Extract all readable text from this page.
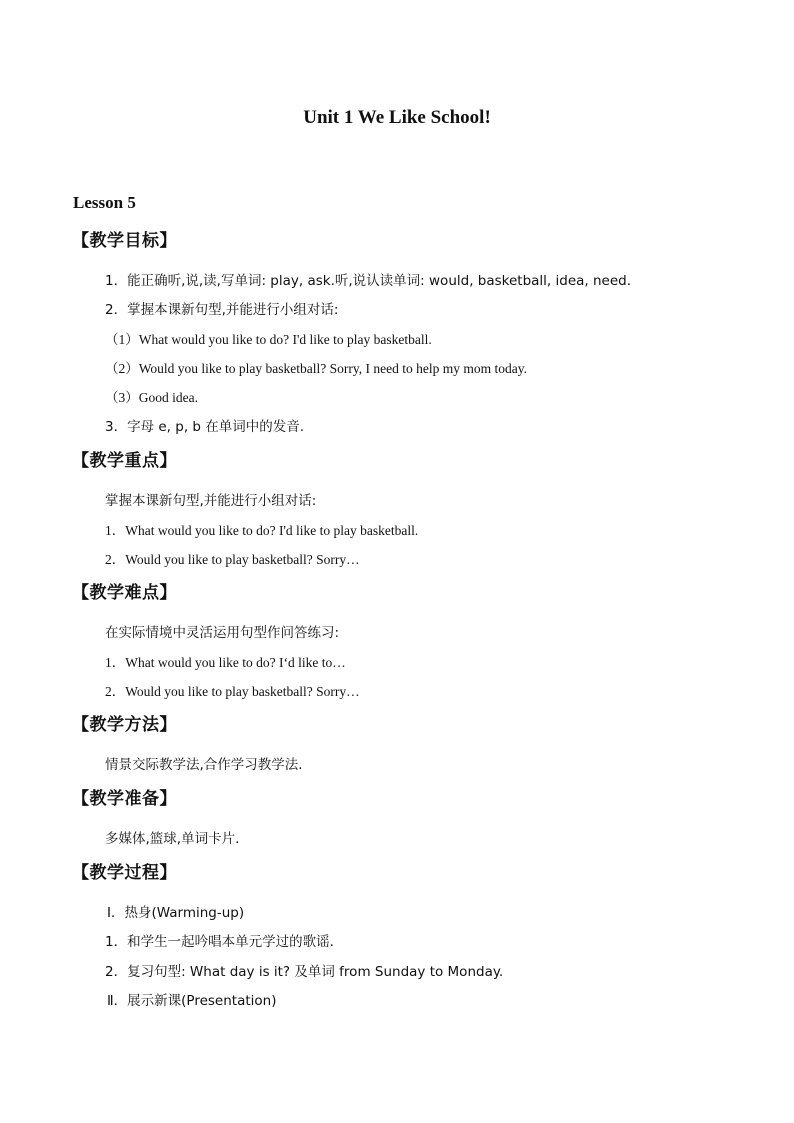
Unit 1 We Like School!
Lesson 5
【教学目标】
1．能正确听,说,读,写单词: play, ask.听,说认读单词: would, basketball, idea, need.
2．掌握本课新句型,并能进行小组对话:
（1）What would you like to do? I'd like to play basketball.
（2）Would you like to play basketball? Sorry, I need to help my mom today.
（3）Good idea.
3．字母 e, p, b 在单词中的发音.
【教学重点】
掌握本课新句型,并能进行小组对话:
1．What would you like to do? I'd like to play basketball.
2．Would you like to play basketball? Sorry…
【教学难点】
在实际情境中灵活运用句型作问答练习:
1．What would you like to do? I‘d like to…
2．Would you like to play basketball? Sorry…
【教学方法】
情景交际教学法,合作学习教学法.
【教学准备】
多媒体,篮球,单词卡片.
【教学过程】
Ⅰ．热身(Warming-up)
1．和学生一起吟唱本单元学过的歌谣.
2．复习句型: What day is it? 及单词 from Sunday to Monday.
Ⅱ．展示新课(Presentation)
